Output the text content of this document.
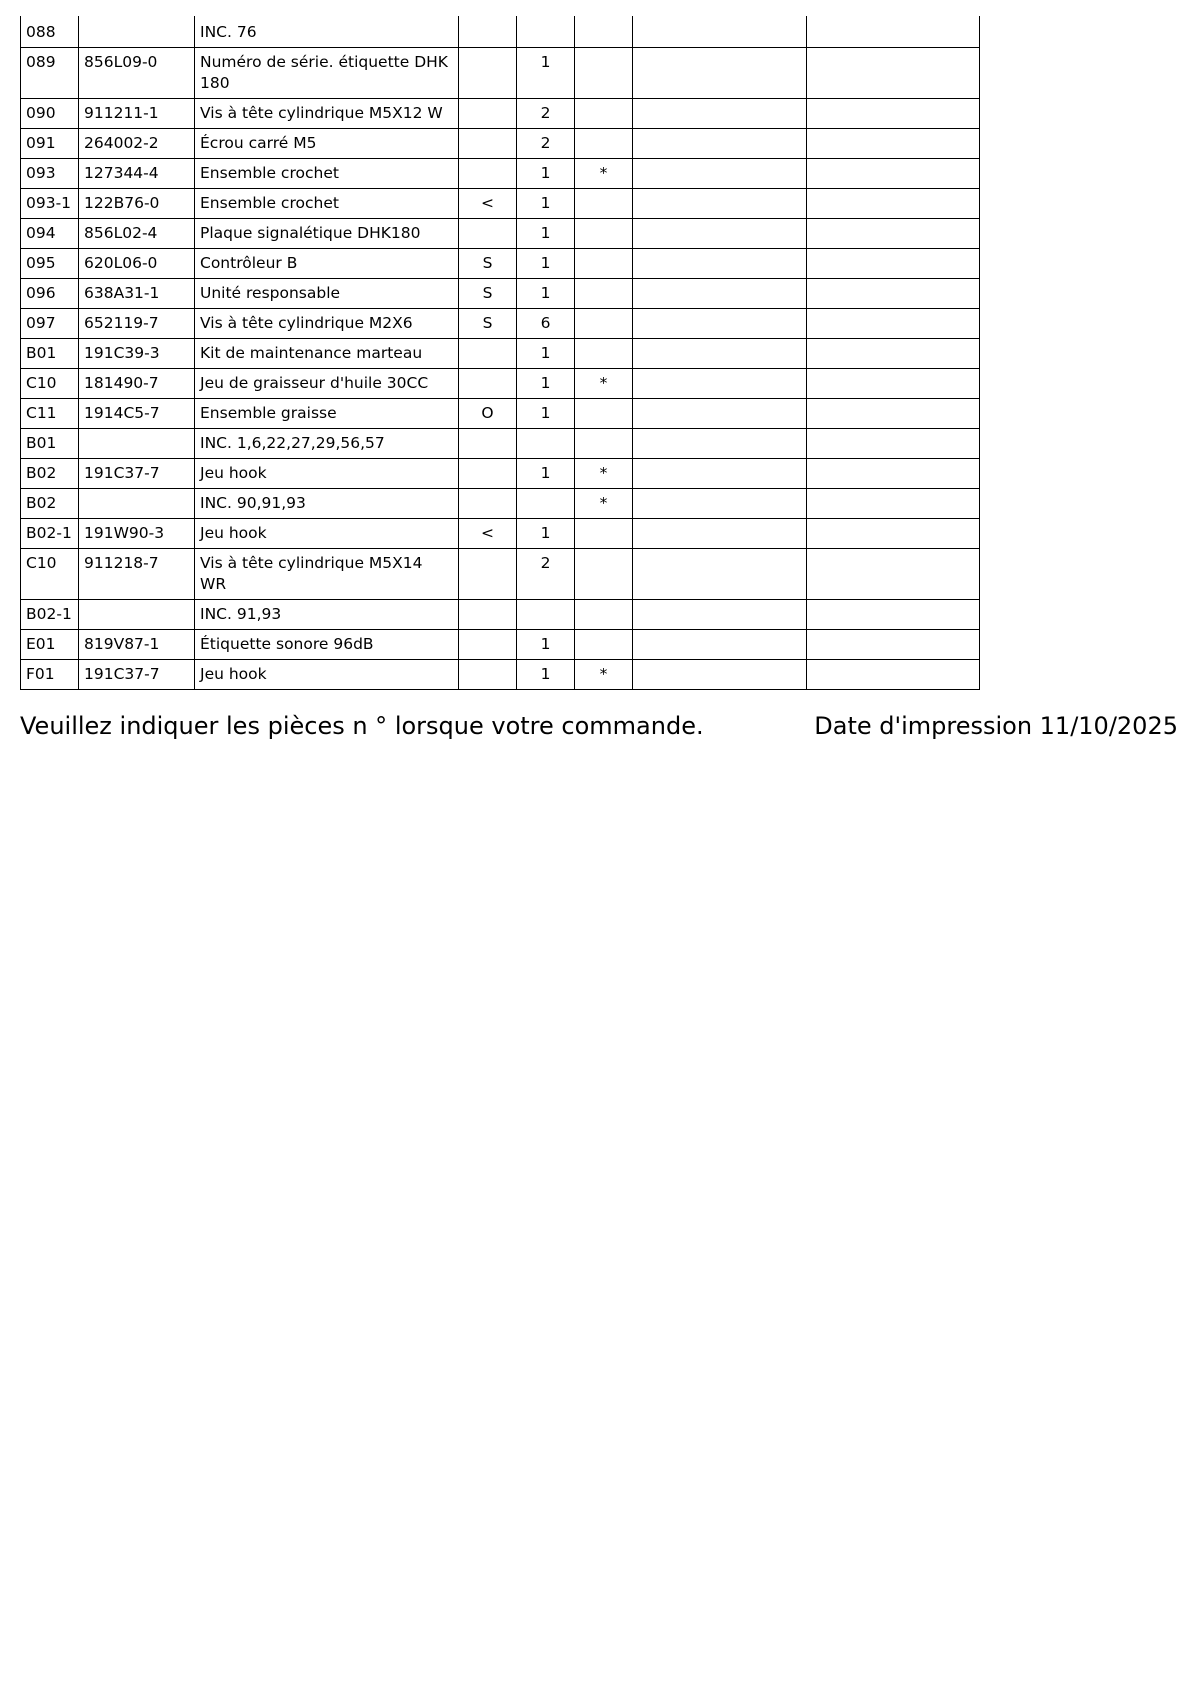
088		INC. 76					
089	856L09-0	Numéro de série. étiquette DHK 180		1			
090	911211-1	Vis à tête cylindrique M5X12 W		2			
091	264002-2	Écrou carré M5		2			
093	127344-4	Ensemble crochet		1	*		
093-1	122B76-0	Ensemble crochet	<	1			
094	856L02-4	Plaque signalétique DHK180		1			
095	620L06-0	Contrôleur B	S	1			
096	638A31-1	Unité responsable	S	1			
097	652119-7	Vis à tête cylindrique M2X6	S	6			
B01	191C39-3	Kit de maintenance marteau		1			
C10	181490-7	Jeu de graisseur d'huile 30CC		1	*		
C11	1914C5-7	Ensemble graisse	O	1			
B01		INC. 1,6,22,27,29,56,57					
B02	191C37-7	Jeu hook		1	*		
B02		INC. 90,91,93			*		
B02-1	191W90-3	Jeu hook	<	1			
C10	911218-7	Vis à tête cylindrique M5X14 WR		2			
B02-1		INC. 91,93					
E01	819V87-1	Étiquette sonore 96dB		1			
F01	191C37-7	Jeu hook		1	*		
Veuillez indiquer les pièces n ° lorsque votre commande.	Date d'impression 11/10/2025
